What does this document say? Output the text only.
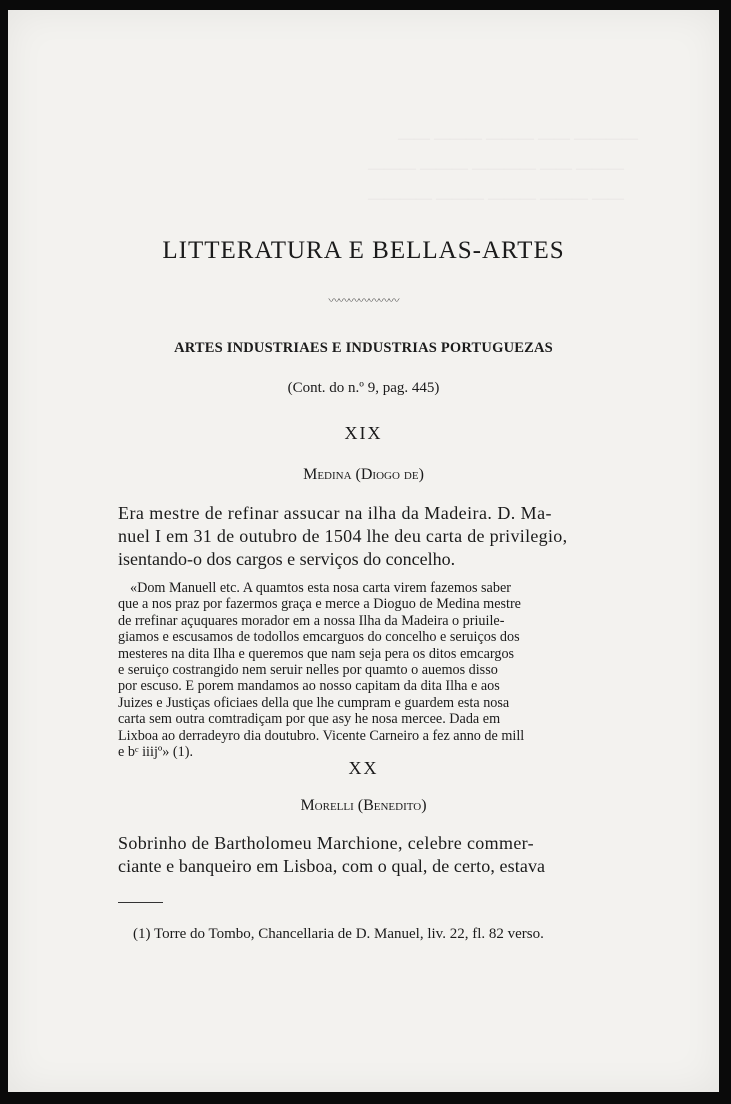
—— ——— ——— —— ————
——— ——— ———— —— ———
———— ——— ——— ——— ——
LITTERATURA E BELLAS-ARTES
〰〰〰〰〰〰〰
ARTES INDUSTRIAES E INDUSTRIAS PORTUGUEZAS
(Cont. do n.º 9, pag. 445)
XIX
Medina (Diogo de)
Era mestre de refinar assucar na ilha da Madeira. D. Ma-
nuel I em 31 de outubro de 1504 lhe deu carta de privilegio,
isentando-o dos cargos e serviços do concelho.
«Dom Manuell etc. A quamtos esta nosa carta virem fazemos saber
que a nos praz por fazermos graça e merce a Dioguo de Medina mestre
de rrefinar açuquares morador em a nossa Ilha da Madeira o priuile-
giamos e escusamos de todollos emcarguos do concelho e seruiços dos
mesteres na dita Ilha e queremos que nam seja pera os ditos emcargos
e seruiço costrangido nem seruir nelles por quamto o auemos disso
por escuso. E porem mandamos ao nosso capitam da dita Ilha e aos
Juizes e Justiças oficiaes della que lhe cumpram e guardem esta nosa
carta sem outra comtradiçam por que asy he nosa mercee. Dada em
Lixboa ao derradeyro dia doutubro. Vicente Carneiro a fez anno de mill
e bᶜ iiijº» (1).
XX
Morelli (Benedito)
Sobrinho de Bartholomeu Marchione, celebre commer-
ciante e banqueiro em Lisboa, com o qual, de certo, estava
(1) Torre do Tombo, Chancellaria de D. Manuel, liv. 22, fl. 82 verso.
